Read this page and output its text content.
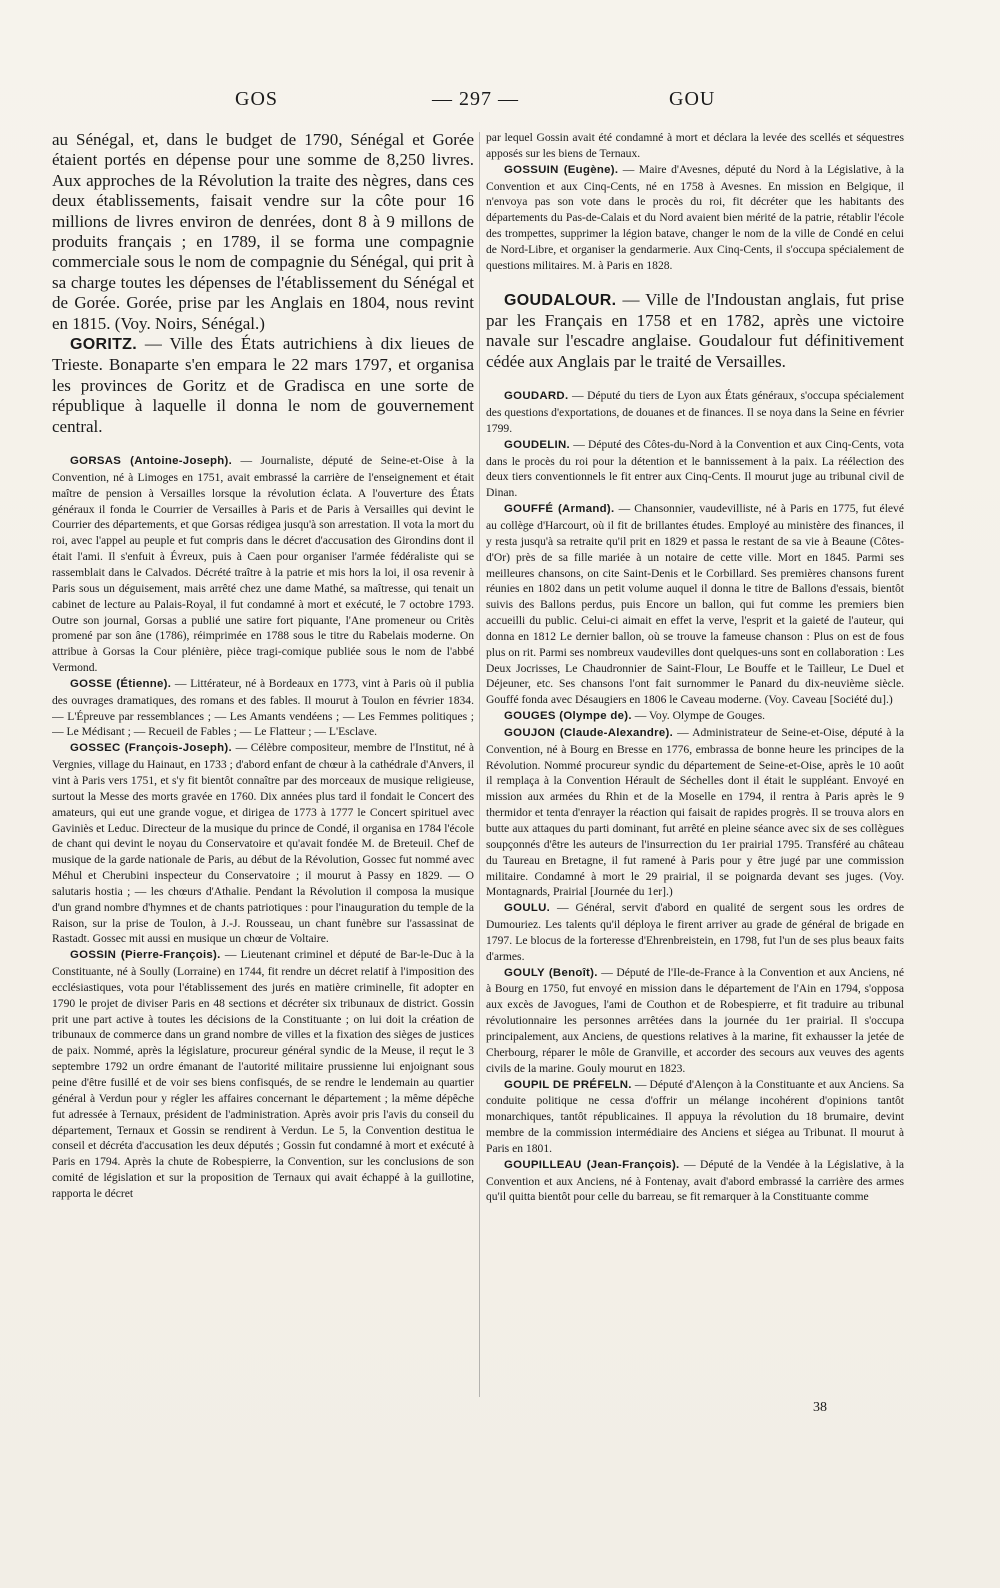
GOS	— 297 —	GOU

au Sénégal, et, dans le budget de 1790, Sénégal et Gorée étaient portés en dépense pour une somme de 8,250 livres. Aux approches de la Révolution la traite des nègres, dans ces deux établissements, faisait vendre sur la côte pour 16 millions de livres environ de denrées, dont 8 à 9 millons de produits français ; en 1789, il se forma une compagnie commerciale sous le nom de compagnie du Sénégal, qui prit à sa charge toutes les dépenses de l'établissement du Sénégal et de Gorée. Gorée, prise par les Anglais en 1804, nous revint en 1815. (Voy. Noirs, Sénégal.)

GORITZ. — Ville des États autrichiens à dix lieues de Trieste. Bonaparte s'en empara le 22 mars 1797, et organisa les provinces de Goritz et de Gradisca en une sorte de république à laquelle il donna le nom de gouvernement central.

GORSAS (Antoine-Joseph). — Journaliste, député de Seine-et-Oise à la Convention, né à Limoges en 1751, avait embrassé la carrière de l'enseignement et était maître de pension à Versailles lorsque la révolution éclata. A l'ouverture des États généraux il fonda le Courrier de Versailles à Paris et de Paris à Versailles qui devint le Courrier des départements, et que Gorsas rédigea jusqu'à son arrestation. Il vota la mort du roi, avec l'appel au peuple et fut compris dans le décret d'accusation des Girondins dont il était l'ami. Il s'enfuit à Évreux, puis à Caen pour organiser l'armée fédéraliste qui se rassemblait dans le Calvados. Décrété traître à la patrie et mis hors la loi, il osa revenir à Paris sous un déguisement, mais arrêté chez une dame Mathé, sa maîtresse, qui tenait un cabinet de lecture au Palais-Royal, il fut condamné à mort et exécuté, le 7 octobre 1793. Outre son journal, Gorsas a publié une satire fort piquante, l'Ane promeneur ou Critès promené par son âne (1786), réimprimée en 1788 sous le titre du Rabelais moderne. On attribue à Gorsas la Cour plénière, pièce tragi-comique publiée sous le nom de l'abbé Vermond.

GOSSE (Étienne). — Littérateur, né à Bordeaux en 1773, vint à Paris où il publia des ouvrages dramatiques, des romans et des fables. Il mourut à Toulon en février 1834. — L'Épreuve par ressemblances ; — Les Amants vendéens ; — Les Femmes politiques ; — Le Médisant ; — Recueil de Fables ; — Le Flatteur ; — L'Esclave.

GOSSEC (François-Joseph). — Célèbre compositeur, membre de l'Institut, né à Vergnies, village du Hainaut, en 1733 ; d'abord enfant de chœur à la cathédrale d'Anvers, il vint à Paris vers 1751, et s'y fit bientôt connaître par des morceaux de musique religieuse, surtout la Messe des morts gravée en 1760. Dix années plus tard il fondait le Concert des amateurs, qui eut une grande vogue, et dirigea de 1773 à 1777 le Concert spirituel avec Gaviniès et Leduc. Directeur de la musique du prince de Condé, il organisa en 1784 l'école de chant qui devint le noyau du Conservatoire et qu'avait fondée M. de Breteuil. Chef de musique de la garde nationale de Paris, au début de la Révolution, Gossec fut nommé avec Méhul et Cherubini inspecteur du Conservatoire ; il mourut à Passy en 1829. — O salutaris hostia ; — les chœurs d'Athalie. Pendant la Révolution il composa la musique d'un grand nombre d'hymnes et de chants patriotiques : pour l'inauguration du temple de la Raison, sur la prise de Toulon, à J.-J. Rousseau, un chant funèbre sur l'assassinat de Rastadt. Gossec mit aussi en musique un chœur de Voltaire.

GOSSIN (Pierre-François). — Lieutenant criminel et député de Bar-le-Duc à la Constituante, né à Soully (Lorraine) en 1744, fit rendre un décret relatif à l'imposition des ecclésiastiques, vota pour l'établissement des jurés en matière criminelle, fit adopter en 1790 le projet de diviser Paris en 48 sections et décréter six tribunaux de district. Gossin prit une part active à toutes les décisions de la Constituante ; on lui doit la création de tribunaux de commerce dans un grand nombre de villes et la fixation des sièges de justices de paix. Nommé, après la législature, procureur général syndic de la Meuse, il reçut le 3 septembre 1792 un ordre émanant de l'autorité militaire prussienne lui enjoignant sous peine d'être fusillé et de voir ses biens confisqués, de se rendre le lendemain au quartier général à Verdun pour y régler les affaires concernant le département ; la même dépêche fut adressée à Ternaux, président de l'administration. Après avoir pris l'avis du conseil du département, Ternaux et Gossin se rendirent à Verdun. Le 5, la Convention destitua le conseil et décréta d'accusation les deux députés ; Gossin fut condamné à mort et exécuté à Paris en 1794. Après la chute de Robespierre, la Convention, sur les conclusions de son comité de législation et sur la proposition de Ternaux qui avait échappé à la guillotine, rapporta le décret

par lequel Gossin avait été condamné à mort et déclara la levée des scellés et séquestres apposés sur les biens de Ternaux.

GOSSUIN (Eugène). — Maire d'Avesnes, député du Nord à la Législative, à la Convention et aux Cinq-Cents, né en 1758 à Avesnes. En mission en Belgique, il n'envoya pas son vote dans le procès du roi, fit décréter que les habitants des départements du Pas-de-Calais et du Nord avaient bien mérité de la patrie, rétablir l'école des trompettes, supprimer la légion batave, changer le nom de la ville de Condé en celui de Nord-Libre, et organiser la gendarmerie. Aux Cinq-Cents, il s'occupa spécialement de questions militaires. M. à Paris en 1828.

GOUDALOUR. — Ville de l'Indoustan anglais, fut prise par les Français en 1758 et en 1782, après une victoire navale sur l'escadre anglaise. Goudalour fut définitivement cédée aux Anglais par le traité de Versailles.

GOUDARD. — Député du tiers de Lyon aux États généraux, s'occupa spécialement des questions d'exportations, de douanes et de finances. Il se noya dans la Seine en février 1799.

GOUDELIN. — Député des Côtes-du-Nord à la Convention et aux Cinq-Cents, vota dans le procès du roi pour la détention et le bannissement à la paix. La réélection des deux tiers conventionnels le fit entrer aux Cinq-Cents. Il mourut juge au tribunal civil de Dinan.

GOUFFÉ (Armand). — Chansonnier, vaudevilliste, né à Paris en 1775, fut élevé au collège d'Harcourt, où il fit de brillantes études. Employé au ministère des finances, il y resta jusqu'à sa retraite qu'il prit en 1829 et passa le restant de sa vie à Beaune (Côtes-d'Or) près de sa fille mariée à un notaire de cette ville. Mort en 1845. Parmi ses meilleures chansons, on cite Saint-Denis et le Corbillard. Ses premières chansons furent réunies en 1802 dans un petit volume auquel il donna le titre de Ballons d'essais, bientôt suivis des Ballons perdus, puis Encore un ballon, qui fut comme les premiers bien accueilli du public. Celui-ci aimait en effet la verve, l'esprit et la gaieté de l'auteur, qui donna en 1812 Le dernier ballon, où se trouve la fameuse chanson : Plus on est de fous plus on rit. Parmi ses nombreux vaudevilles dont quelques-uns sont en collaboration : Les Deux Jocrisses, Le Chaudronnier de Saint-Flour, Le Bouffe et le Tailleur, Le Duel et Déjeuner, etc. Ses chansons l'ont fait surnommer le Panard du dix-neuvième siècle. Gouffé fonda avec Désaugiers en 1806 le Caveau moderne. (Voy. Caveau [Société du].)

GOUGES (Olympe de). — Voy. Olympe de Gouges.

GOUJON (Claude-Alexandre). — Administrateur de Seine-et-Oise, député à la Convention, né à Bourg en Bresse en 1776, embrassa de bonne heure les principes de la Révolution. Nommé procureur syndic du département de Seine-et-Oise, après le 10 août il remplaça à la Convention Hérault de Séchelles dont il était le suppléant. Envoyé en mission aux armées du Rhin et de la Moselle en 1794, il rentra à Paris après le 9 thermidor et tenta d'enrayer la réaction qui faisait de rapides progrès. Il se trouva alors en butte aux attaques du parti dominant, fut arrêté en pleine séance avec six de ses collègues soupçonnés d'être les auteurs de l'insurrection du 1er prairial 1795. Transféré au château du Taureau en Bretagne, il fut ramené à Paris pour y être jugé par une commission militaire. Condamné à mort le 29 prairial, il se poignarda devant ses juges. (Voy. Montagnards, Prairial [Journée du 1er].)

GOULU. — Général, servit d'abord en qualité de sergent sous les ordres de Dumouriez. Les talents qu'il déploya le firent arriver au grade de général de brigade en 1797. Le blocus de la forteresse d'Ehrenbreistein, en 1798, fut l'un de ses plus beaux faits d'armes.

GOULY (Benoît). — Député de l'Ile-de-France à la Convention et aux Anciens, né à Bourg en 1750, fut envoyé en mission dans le département de l'Ain en 1794, s'opposa aux excès de Javogues, l'ami de Couthon et de Robespierre, et fit traduire au tribunal révolutionnaire les personnes arrêtées dans la journée du 1er prairial. Il s'occupa principalement, aux Anciens, de questions relatives à la marine, fit exhausser la jetée de Cherbourg, réparer le môle de Granville, et accorder des secours aux veuves des agents civils de la marine. Gouly mourut en 1823.

GOUPIL DE PRÉFELN. — Député d'Alençon à la Constituante et aux Anciens. Sa conduite politique ne cessa d'offrir un mélange incohérent d'opinions tantôt monarchiques, tantôt républicaines. Il appuya la révolution du 18 brumaire, devint membre de la commission intermédiaire des Anciens et siégea au Tribunat. Il mourut à Paris en 1801.

GOUPILLEAU (Jean-François). — Député de la Vendée à la Législative, à la Convention et aux Anciens, né à Fontenay, avait d'abord embrassé la carrière des armes qu'il quitta bientôt pour celle du barreau, se fit remarquer à la Constituante comme

38
